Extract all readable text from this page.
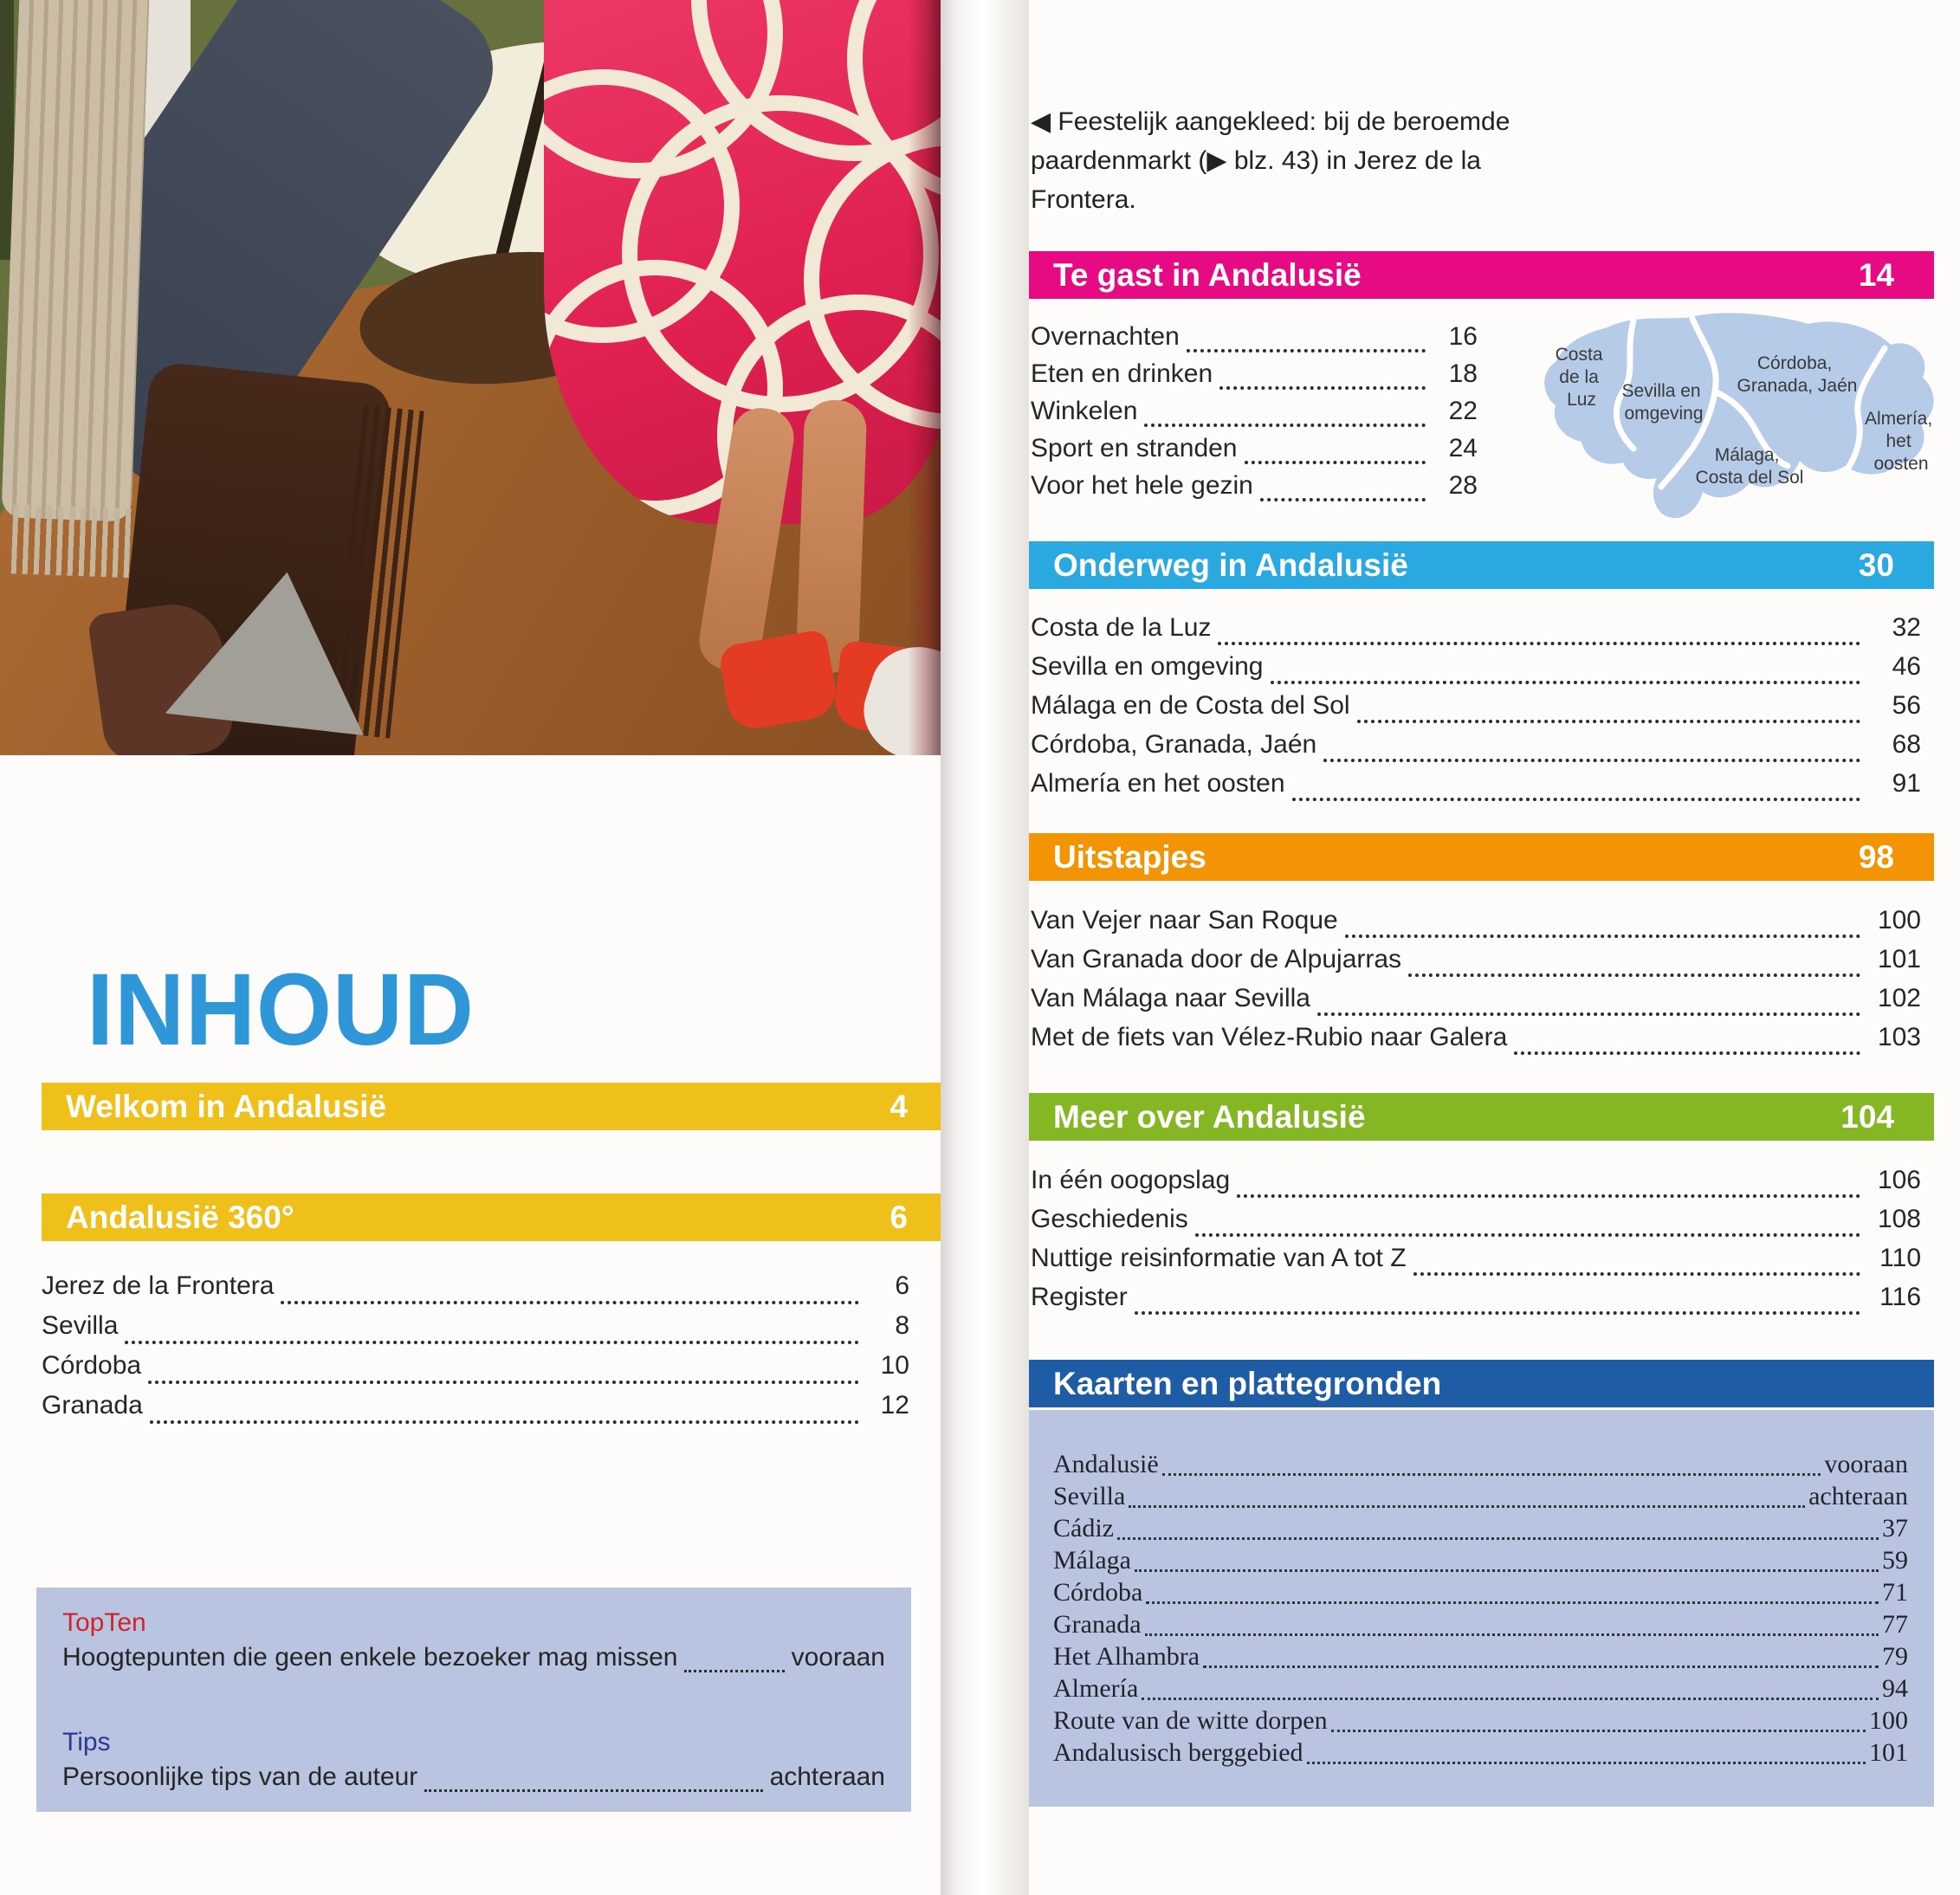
INHOUD
Welkom in Andalusië	4
Andalusië 360°	6
Jerez de la Frontera	6
Sevilla	8
Córdoba	10
Granada	12
TopTen
Hoogtepunten die geen enkele bezoeker mag missen	vooraan
Tips
Persoonlijke tips van de auteur	achteraan
◀ Feestelijk aangekleed: bij de beroemde
paardenmarkt (▶ blz. 43) in Jerez de la
Frontera.
Te gast in Andalusië	14
Overnachten	16
Eten en drinken	18
Winkelen	22
Sport en stranden	24
Voor het hele gezin	28
Costa de la Luz	Sevilla en omgeving
Córdoba, Granada, Jaén
Málaga, Costa del Sol
Almería, het oosten
Onderweg in Andalusië	30
Costa de la Luz	32
Sevilla en omgeving	46
Málaga en de Costa del Sol	56
Córdoba, Granada, Jaén	68
Almería en het oosten	91
Uitstapjes	98
Van Vejer naar San Roque	100
Van Granada door de Alpujarras	101
Van Málaga naar Sevilla	102
Met de fiets van Vélez-Rubio naar Galera	103
Meer over Andalusië	104
In één oogopslag	106
Geschiedenis	108
Nuttige reisinformatie van A tot Z	110
Register	116
Kaarten en plattegronden
Andalusië	vooraan
Sevilla	achteraan
Cádiz	37
Málaga	59
Córdoba	71
Granada	77
Het Alhambra	79
Almería	94
Route van de witte dorpen	100
Andalusisch berggebied	101
